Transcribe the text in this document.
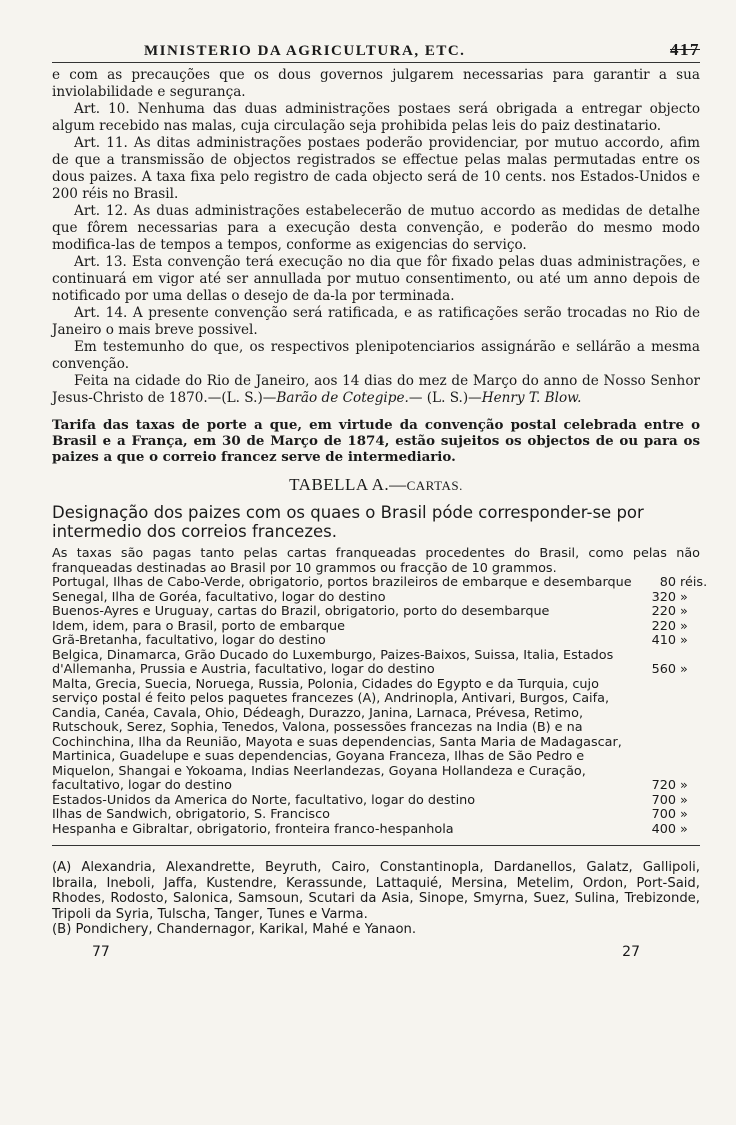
MINISTERIO DA AGRICULTURA, ETC.	417

e com as precauções que os dous governos julgarem necessarias para garantir a sua inviolabilidade e segurança.

Art. 10. Nenhuma das duas administrações postaes será obrigada a entregar objecto algum recebido nas malas, cuja circulação seja prohibida pelas leis do paiz destinatario.

Art. 11. As ditas administrações postaes poderão providenciar, por mutuo accordo, afim de que a transmissão de objectos registrados se effectue pelas malas permutadas entre os dous paizes. A taxa fixa pelo registro de cada objecto será de 10 cents. nos Estados-Unidos e 200 réis no Brasil.

Art. 12. As duas administrações estabelecerão de mutuo accordo as medidas de detalhe que fôrem necessarias para a execução desta convenção, e poderão do mesmo modo modifica-las de tempos a tempos, conforme as exigencias do serviço.

Art. 13. Esta convenção terá execução no dia que fôr fixado pelas duas administrações, e continuará em vigor até ser annullada por mutuo consentimento, ou até um anno depois de notificado por uma dellas o desejo de da-la por terminada.

Art. 14. A presente convenção será ratificada, e as ratificações serão trocadas no Rio de Janeiro o mais breve possivel.

Em testemunho do que, os respectivos plenipotenciarios assignárão e sellárão a mesma convenção.

Feita na cidade do Rio de Janeiro, aos 14 dias do mez de Março do anno de Nosso Senhor Jesus-Christo de 1870.—(L. S.)—Barão de Cotegipe.— (L. S.)—Henry T. Blow.

Tarifa das taxas de porte a que, em virtude da convenção postal celebrada entre o Brasil e a França, em 30 de Março de 1874, estão sujeitos os objectos de ou para os paizes a que o correio francez serve de intermediario.

TABELLA A.—CARTAS.
Designação dos paizes com os quaes o Brasil póde corresponder-se por intermedio dos correios francezes.
As taxas são pagas tanto pelas cartas franqueadas procedentes do Brasil, como pelas não franqueadas destinadas ao Brasil por 10 grammos ou fracção de 10 grammos.
Portugal, Ilhas de Cabo-Verde, obrigatorio, portos brazileiros de embarque e desembarque	80 réis.
Senegal, Ilha de Goréa, facultativo, logar do destino	320 »
Buenos-Ayres e Uruguay, cartas do Brazil, obrigatorio, porto do desembarque	220 »
Idem, idem, para o Brasil, porto de embarque	220 »
Grã-Bretanha, facultativo, logar do destino	410 »
Belgica, Dinamarca, Grão Ducado do Luxemburgo, Paizes-Baixos, Suissa, Italia, Estados d'Allemanha, Prussia e Austria, facultativo, logar do destino	560 »
Malta, Grecia, Suecia, Noruega, Russia, Polonia, Cidades do Egypto e da Turquia, cujo serviço postal é feito pelos paquetes francezes (A), Andrinopla, Antivari, Burgos, Caifa, Candia, Canéa, Cavala, Ohio, Dédeagh, Durazzo, Janina, Larnaca, Prévesa, Retimo, Rutschouk, Serez, Sophia, Tenedos, Valona, possessões francezas na India (B) e na Cochinchina, Ilha da Reunião, Mayota e suas dependencias, Santa Maria de Madagascar, Martinica, Guadelupe e suas dependencias, Goyana Franceza, Ilhas de São Pedro e Miquelon, Shangai e Yokoama, Indias Neerlandezas, Goyana Hollandeza e Curação, facultativo, logar do destino	720 »
Estados-Unidos da America do Norte, facultativo, logar do destino	700 »
Ilhas de Sandwich, obrigatorio, S. Francisco	700 »
Hespanha e Gibraltar, obrigatorio, fronteira franco-hespanhola	400 »
(A) Alexandria, Alexandrette, Beyruth, Cairo, Constantinopla, Dardanellos, Galatz, Gallipoli, Ibraila, Ineboli, Jaffa, Kustendre, Kerassunde, Lattaquié, Mersina, Metelim, Ordon, Port-Said, Rhodes, Rodosto, Salonica, Samsoun, Scutari da Asia, Sinope, Smyrna, Suez, Sulina, Trebizonde, Tripoli da Syria, Tulscha, Tanger, Tunes e Varma.
(B) Pondichery, Chandernagor, Karikal, Mahé e Yanaon.
77	27
